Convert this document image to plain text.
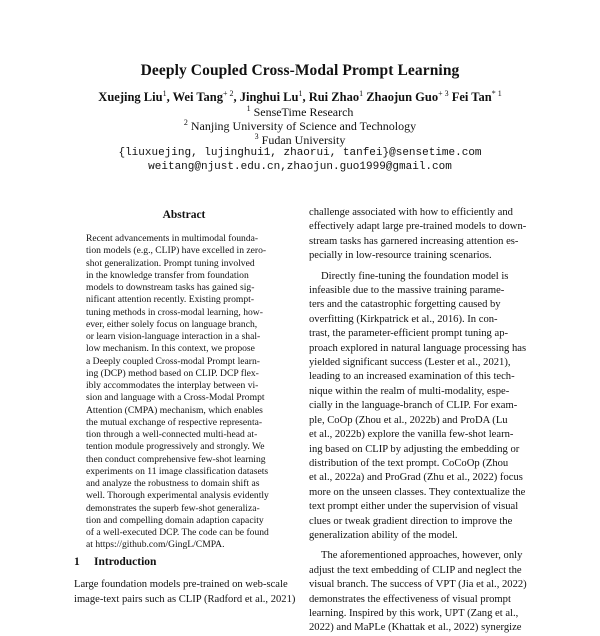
Deeply Coupled Cross-Modal Prompt Learning
Xuejing Liu$^1$, Wei Tang$^{+ 2}$, Jinghui Lu$^1$, Rui Zhao$^1$ Zhaojun Guo$^{+ 3}$ Fei Tan$^{* 1}$
$^1$ SenseTime Research
$^2$ Nanjing University of Science and Technology
$^3$ Fudan University
{liuxuejing, lujinghui1, zhaorui, tanfei}@sensetime.com
weitang@njust.edu.cn,zhaojun.guo1999@gmail.com
Abstract
Recent advancements in multimodal founda-
tion models (e.g., CLIP) have excelled in zero-
shot generalization. Prompt tuning involved
in the knowledge transfer from foundation
models to downstream tasks has gained sig-
nificant attention recently. Existing prompt-
tuning methods in cross-modal learning, how-
ever, either solely focus on language branch,
or learn vision-language interaction in a shal-
low mechanism. In this context, we propose
a Deeply coupled Cross-modal Prompt learn-
ing (DCP) method based on CLIP. DCP flex-
ibly accommodates the interplay between vi-
sion and language with a Cross-Modal Prompt
Attention (CMPA) mechanism, which enables
the mutual exchange of respective representa-
tion through a well-connected multi-head at-
tention module progressively and strongly. We
then conduct comprehensive few-shot learning
experiments on 11 image classification datasets
and analyze the robustness to domain shift as
well. Thorough experimental analysis evidently
demonstrates the superb few-shot generaliza-
tion and compelling domain adaption capacity
of a well-executed DCP. The code can be found
at https://github.com/GingL/CMPA.
1 Introduction
Large foundation models pre-trained on web-scale
image-text pairs such as CLIP (Radford et al., 2021)

challenge associated with how to efficiently and
effectively adapt large pre-trained models to down-
stream tasks has garnered increasing attention es-
pecially in low-resource training scenarios.

Directly fine-tuning the foundation model is
infeasible due to the massive training parame-
ters and the catastrophic forgetting caused by
overfitting (Kirkpatrick et al., 2016). In con-
trast, the parameter-efficient prompt tuning ap-
proach explored in natural language processing has
yielded significant success (Lester et al., 2021),
leading to an increased examination of this tech-
nique within the realm of multi-modality, espe-
cially in the language-branch of CLIP. For exam-
ple, CoOp (Zhou et al., 2022b) and ProDA (Lu
et al., 2022b) explore the vanilla few-shot learn-
ing based on CLIP by adjusting the embedding or
distribution of the text prompt. CoCoOp (Zhou
et al., 2022a) and ProGrad (Zhu et al., 2022) focus
more on the unseen classes. They contextualize the
text prompt either under the supervision of visual
clues or tweak gradient direction to improve the
generalization ability of the model.

The aforementioned approaches, however, only
adjust the text embedding of CLIP and neglect the
visual branch. The success of VPT (Jia et al., 2022)
demonstrates the effectiveness of visual prompt
learning. Inspired by this work, UPT (Zang et al.,
2022) and MaPLe (Khattak et al., 2022) synergize
